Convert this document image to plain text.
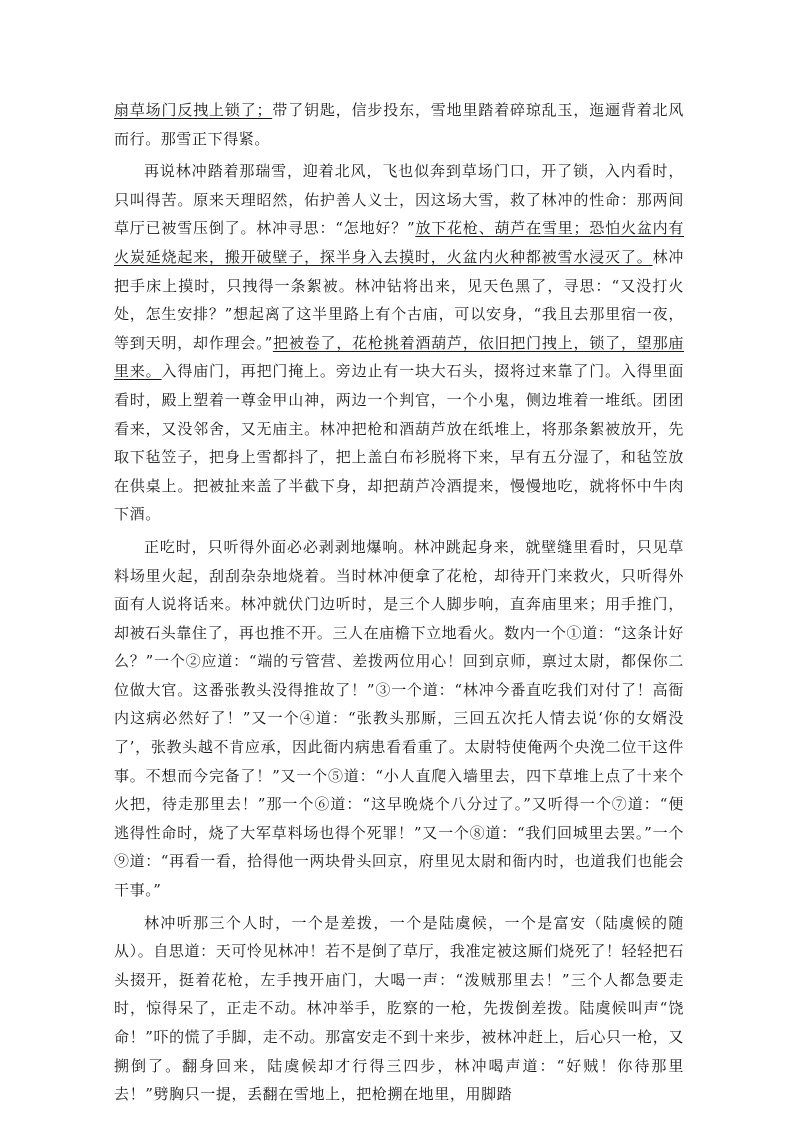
扇草场门反拽上锁了；带了钥匙，信步投东，雪地里踏着碎琼乱玉，迤逦背着北风而行。那雪正下得紧。

再说林冲踏着那瑞雪，迎着北风，飞也似奔到草场门口，开了锁，入内看时，只叫得苦。原来天理昭然，佑护善人义士，因这场大雪，救了林冲的性命：那两间草厅已被雪压倒了。林冲寻思：“怎地好？”放下花枪、葫芦在雪里；恐怕火盆内有火炭延烧起来，搬开破壁子，探半身入去摸时，火盆内火种都被雪水浸灭了。林冲把手床上摸时，只拽得一条絮被。林冲钻将出来，见天色黑了，寻思：“又没打火处，怎生安排？”想起离了这半里路上有个古庙，可以安身，“我且去那里宿一夜，等到天明，却作理会。”把被卷了，花枪挑着酒葫芦，依旧把门拽上，锁了，望那庙里来。入得庙门，再把门掩上。旁边止有一块大石头，掇将过来靠了门。入得里面看时，殿上塑着一尊金甲山神，两边一个判官，一个小鬼，侧边堆着一堆纸。团团看来，又没邻舍，又无庙主。林冲把枪和酒葫芦放在纸堆上，将那条絮被放开，先取下毡笠子，把身上雪都抖了，把上盖白布衫脱将下来，早有五分湿了，和毡笠放在供桌上。把被扯来盖了半截下身，却把葫芦冷酒提来，慢慢地吃，就将怀中牛肉下酒。

正吃时，只听得外面必必剥剥地爆响。林冲跳起身来，就壁缝里看时，只见草料场里火起，刮刮杂杂地烧着。当时林冲便拿了花枪，却待开门来救火，只听得外面有人说将话来。林冲就伏门边听时，是三个人脚步响，直奔庙里来；用手推门，却被石头靠住了，再也推不开。三人在庙檐下立地看火。数内一个①道：“这条计好么？”一个②应道：“端的亏管营、差拨两位用心！回到京师，禀过太尉，都保你二位做大官。这番张教头没得推故了！”③一个道：“林冲今番直吃我们对付了！高衙内这病必然好了！”又一个④道：“张教头那厮，三回五次托人情去说‘你的女婿没了’，张教头越不肯应承，因此衙内病患看看重了。太尉特使俺两个央浼二位干这件事。不想而今完备了！”又一个⑤道：“小人直爬入墙里去，四下草堆上点了十来个火把，待走那里去！”那一个⑥道：“这早晚烧个八分过了。”又听得一个⑦道：“便逃得性命时，烧了大军草料场也得个死罪！”又一个⑧道：“我们回城里去罢。”一个⑨道：“再看一看，拾得他一两块骨头回京，府里见太尉和衙内时，也道我们也能会干事。”

林冲听那三个人时，一个是差拨，一个是陆虞候，一个是富安（陆虞候的随从）。自思道：天可怜见林冲！若不是倒了草厅，我准定被这厮们烧死了！轻轻把石头掇开，挺着花枪，左手拽开庙门，大喝一声：“泼贼那里去！”三个人都急要走时，惊得呆了，正走不动。林冲举手，肐察的一枪，先拨倒差拨。陆虞候叫声“饶命！”吓的慌了手脚，走不动。那富安走不到十来步，被林冲赶上，后心只一枪，又搠倒了。翻身回来，陆虞候却才行得三四步，林冲喝声道：“好贼！你待那里去！”劈胸只一提，丢翻在雪地上，把枪搠在地里，用脚踏
